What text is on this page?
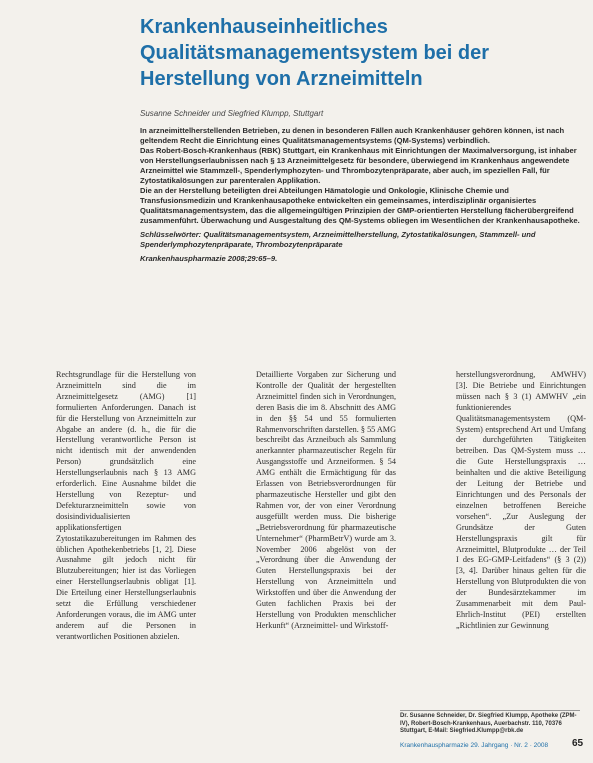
Krankenhauseinheitliches
Qualitätsmanagementsystem bei der
Herstellung von Arzneimitteln
Susanne Schneider und Siegfried Klumpp, Stuttgart

In arzneimittelherstellenden Betrieben, zu denen in besonderen Fällen auch Krankenhäuser gehören können, ist nach geltendem Recht die Einrichtung eines Qualitätsmanagementsystems (QM-Systems) verbindlich.

Das Robert-Bosch-Krankenhaus (RBK) Stuttgart, ein Krankenhaus mit Einrichtungen der Maximalversorgung, ist inhaber von Herstellungserlaubnissen nach § 13 Arzneimittelgesetz für besondere, überwiegend im Krankenhaus angewendete Arzneimittel wie Stammzell-, Spenderlymphozyten- und Thrombozytenpräparate, aber auch, im speziellen Fall, für Zytostatikalösungen zur parenteralen Applikation.

Die an der Herstellung beteiligten drei Abteilungen Hämatologie und Onkologie, Klinische Chemie und Transfusionsmedizin und Krankenhausapotheke entwickelten ein gemeinsames, interdisziplinär organisiertes Qualitätsmanagementsystem, das die allgemeingültigen Prinzipien der GMP-orientierten Herstellung fächerübergreifend zusammenführt. Überwachung und Ausgestaltung des QM-Systems obliegen im Wesentlichen der Krankenhausapotheke.

Schlüsselwörter: Qualitätsmanagementsystem, Arzneimittelherstellung, Zytostatikalösungen, Stammzell- und Spenderlymphozytenpräparate, Thrombozytenpräparate

Krankenhauspharmazie 2008;29:65–9.

Rechtsgrundlage für die Herstellung von Arzneimitteln sind die im Arzneimittelgesetz (AMG) [1] formulierten Anforderungen. Danach ist für die Herstellung von Arzneimitteln zur Abgabe an andere (d. h., die für die Herstellung verantwortliche Person ist nicht identisch mit der anwendenden Person) grundsätzlich eine Herstellungserlaubnis nach § 13 AMG erforderlich. Eine Ausnahme bildet die Herstellung von Rezeptur- und Defekturarzneimitteln sowie von dosisindividualisierten applikationsfertigen Zytostatikazubereitungen im Rahmen des üblichen Apothekenbetriebs [1, 2]. Diese Ausnahme gilt jedoch nicht für Blutzubereitungen; hier ist das Vorliegen einer Herstellungserlaubnis obligat [1]. Die Erteilung einer Herstellungserlaubnis setzt die Erfüllung verschiedener Anforderungen voraus, die im AMG unter anderem auf die Personen in verantwortlichen Positionen abzielen.

Detaillierte Vorgaben zur Sicherung und Kontrolle der Qualität der hergestellten Arzneimittel finden sich in Verordnungen, deren Basis die im 8. Abschnitt des AMG in den §§ 54 und 55 formulierten Rahmenvorschriften darstellen. § 55 AMG beschreibt das Arzneibuch als Sammlung anerkannter pharmazeutischer Regeln für Ausgangsstoffe und Arzneiformen. § 54 AMG enthält die Ermächtigung für das Erlassen von Betriebsverordnungen für pharmazeutische Hersteller und gibt den Rahmen vor, der von einer Verordnung ausgefüllt werden muss. Die bisherige „Betriebsverordnung für pharmazeutische Unternehmer“ (PharmBetrV) wurde am 3. November 2006 abgelöst von der „Verordnung über die Anwendung der Guten Herstellungspraxis bei der Herstellung von Arzneimitteln und Wirkstoffen und über die Anwendung der Guten fachlichen Praxis bei der Herstellung von Produkten menschlicher Herkunft“ (Arzneimittel- und Wirkstoff-

herstellungsverordnung, AMWHV) [3]. Die Betriebe und Einrichtungen müssen nach § 3 (1) AMWHV „ein funktionierendes Qualitätsmanagementsystem (QM-System) entsprechend Art und Umfang der durchgeführten Tätigkeiten betreiben. Das QM-System muss … die Gute Herstellungspraxis … beinhalten und die aktive Beteiligung der Leitung der Betriebe und Einrichtungen und des Personals der einzelnen betroffenen Bereiche vorsehen“. „Zur Auslegung der Grundsätze der Guten Herstellungspraxis gilt für Arzneimittel, Blutprodukte … der Teil I des EG-GMP-Leitfadens“ (§ 3 (2)) [3, 4]. Darüber hinaus gelten für die Herstellung von Blutprodukten die von der Bundesärztekammer im Zusammenarbeit mit dem Paul-Ehrlich-Institut (PEI) erstellten „Richtlinien zur Gewinnung

Dr. Susanne Schneider, Dr. Siegfried Klumpp, Apotheke (ZPM-IV), Robert-Bosch-Krankenhaus, Auerbachstr. 110, 70376 Stuttgart, E-Mail: Siegfried.Klumpp@rbk.de
Krankenhauspharmazie 29. Jahrgang · Nr. 2 · 2008 65
